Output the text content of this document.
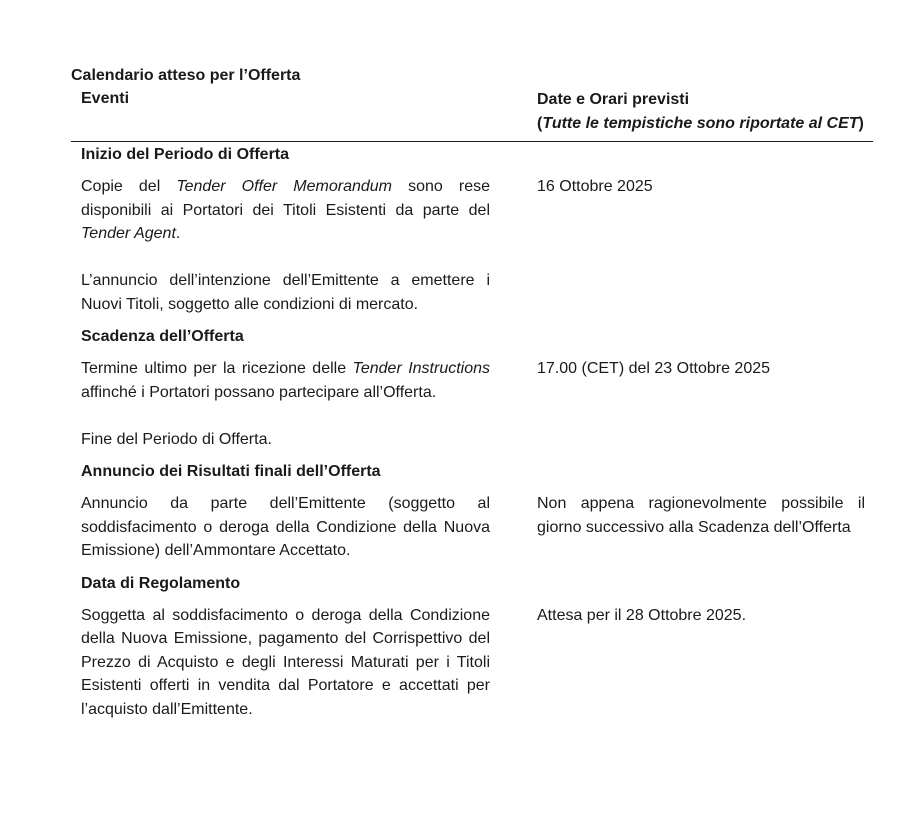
Calendario atteso per l’Offerta

Eventi	Date e Orari previsti
(Tutte le tempistiche sono riportate al CET)
Inizio del Periodo di Offerta

Copie del Tender Offer Memorandum sono rese disponibili ai Portatori dei Titoli Esistenti da parte del Tender Agent.

L’annuncio dell’intenzione dell’Emittente a emettere i Nuovi Titoli, soggetto alle condizioni di mercato.

16 Ottobre 2025
Scadenza dell’Offerta

Termine ultimo per la ricezione delle Tender Instructions affinché i Portatori possano partecipare all’Offerta.

Fine del Periodo di Offerta.

17.00 (CET) del 23 Ottobre 2025
Annuncio dei Risultati finali dell’Offerta

Annuncio da parte dell’Emittente (soggetto al soddisfacimento o deroga della Condizione della Nuova Emissione) dell’Ammontare Accettato.

Non appena ragionevolmente possibile il giorno successivo alla Scadenza dell’Offerta
Data di Regolamento

Soggetta al soddisfacimento o deroga della Condizione della Nuova Emissione, pagamento del Corrispettivo del Prezzo di Acquisto e degli Interessi Maturati per i Titoli Esistenti offerti in vendita dal Portatore e accettati per l’acquisto dall’Emittente.

Attesa per il 28 Ottobre 2025.
